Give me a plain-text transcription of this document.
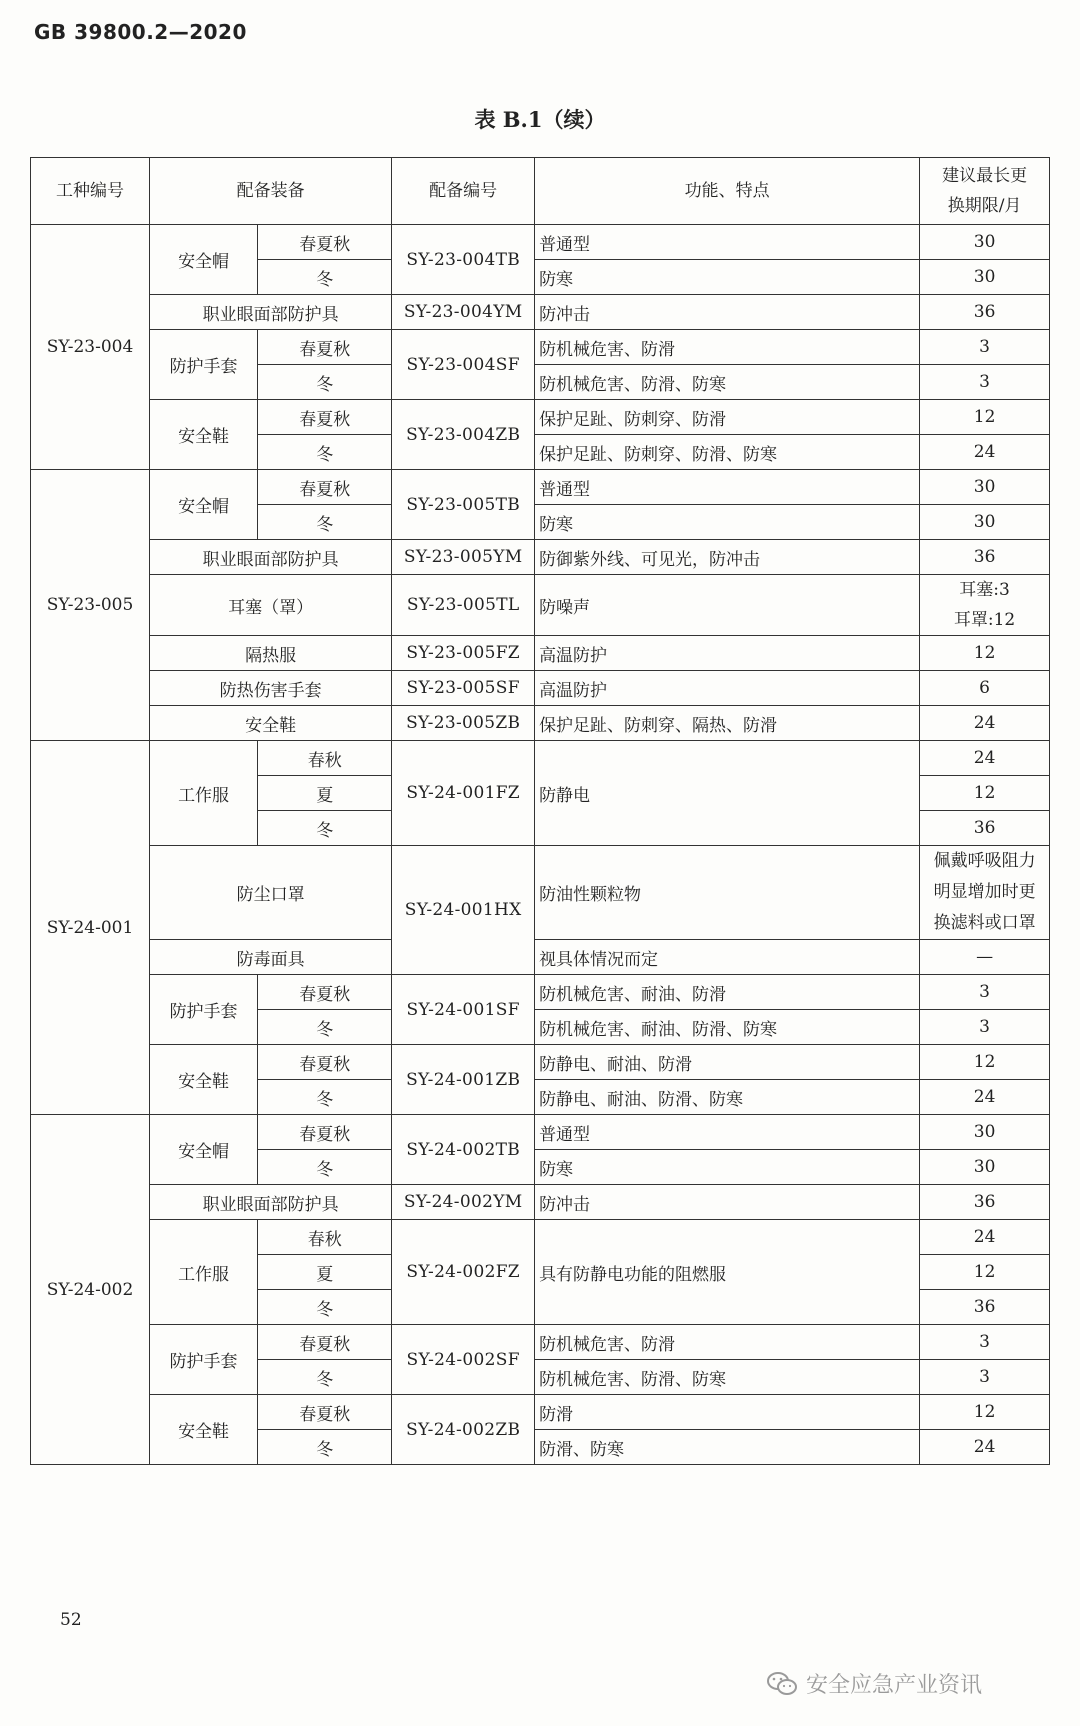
GB 39800.2—2020
表 B.1（续）
工种编号	配备装备		配备编号	功能、特点	建议最长更
换期限/月
SY-23-004	安全帽	春夏秋	SY-23-004TB	普通型	30
		冬		防寒	30
	职业眼面部防护具		SY-23-004YM	防冲击	36
	防护手套	春夏秋	SY-23-004SF	防机械危害、防滑	3
		冬		防机械危害、防滑、防寒	3
	安全鞋	春夏秋	SY-23-004ZB	保护足趾、防刺穿、防滑	12
		冬		保护足趾、防刺穿、防滑、防寒	24
SY-23-005	安全帽	春夏秋	SY-23-005TB	普通型	30
		冬		防寒	30
	职业眼面部防护具		SY-23-005YM	防御紫外线、可见光，防冲击	36
	耳塞（罩）		SY-23-005TL	防噪声	耳塞:3
耳罩:12
	隔热服		SY-23-005FZ	高温防护	12
	防热伤害手套		SY-23-005SF	高温防护	6
	安全鞋		SY-23-005ZB	保护足趾、防刺穿、隔热、防滑	24
SY-24-001	工作服	春秋	SY-24-001FZ	防静电	24
		夏			12
		冬			36
	防尘口罩		SY-24-001HX	防油性颗粒物	佩戴呼吸阻力
明显增加时更
换滤料或口罩
	防毒面具			视具体情况而定	—
	防护手套	春夏秋	SY-24-001SF	防机械危害、耐油、防滑	3
		冬		防机械危害、耐油、防滑、防寒	3
	安全鞋	春夏秋	SY-24-001ZB	防静电、耐油、防滑	12
		冬		防静电、耐油、防滑、防寒	24
SY-24-002	安全帽	春夏秋	SY-24-002TB	普通型	30
		冬		防寒	30
	职业眼面部防护具		SY-24-002YM	防冲击	36
	工作服	春秋	SY-24-002FZ	具有防静电功能的阻燃服	24
		夏			12
		冬			36
	防护手套	春夏秋	SY-24-002SF	防机械危害、防滑	3
		冬		防机械危害、防滑、防寒	3
	安全鞋	春夏秋	SY-24-002ZB	防滑	12
		冬		防滑、防寒	24
52
安全应急产业资讯
